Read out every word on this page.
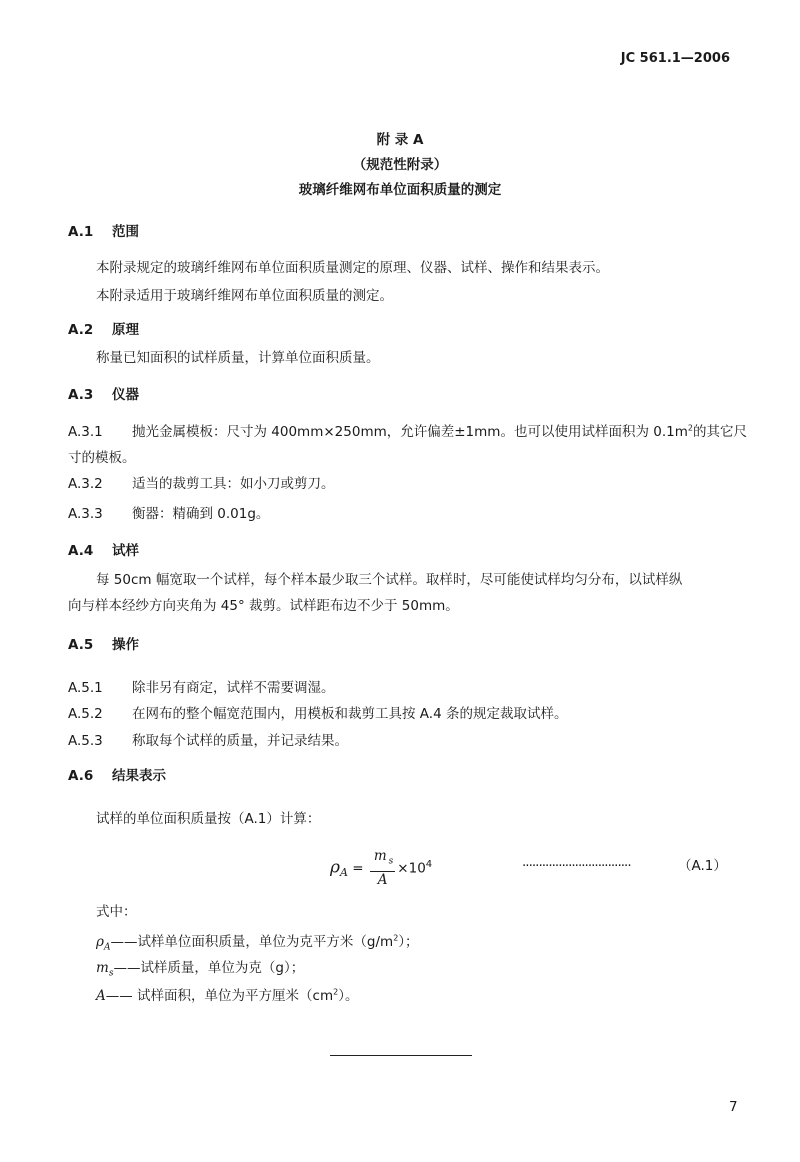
JC 561.1—2006
附 录 A
（规范性附录）
玻璃纤维网布单位面积质量的测定
A.1 范围
本附录规定的玻璃纤维网布单位面积质量测定的原理、仪器、试样、操作和结果表示。
本附录适用于玻璃纤维网布单位面积质量的测定。
A.2 原理
称量已知面积的试样质量，计算单位面积质量。
A.3 仪器
A.3.1 抛光金属模板：尺寸为 400mm×250mm，允许偏差±1mm。也可以使用试样面积为 $0.1m^2$的其它尺
寸的模板。
A.3.2 适当的裁剪工具：如小刀或剪刀。
A.3.3 衡器：精确到 0.01g。
A.4 试样
每 50cm 幅宽取一个试样，每个样本最少取三个试样。取样时，尽可能使试样均匀分布，以试样纵
向与样本经纱方向夹角为 45° 裁剪。试样距布边不少于 50mm。
A.5 操作
A.5.1 除非另有商定，试样不需要调湿。
A.5.2 在网布的整个幅宽范围内，用模板和裁剪工具按 A.4 条的规定裁取试样。
A.5.3 称取每个试样的质量，并记录结果。
A.6 结果表示
试样的单位面积质量按（A.1）计算：
$\rho_A = \frac{m _s}{A} \times 10^4$	·································	（A.1）
式中：
$\rho_A——$试样单位面积质量，单位为克平方米$(g/m^2)$；
$m_s——$试样质量，单位为克（g）；
A—— 试样面积，单位为平方厘米$(cm^2)$。
7
